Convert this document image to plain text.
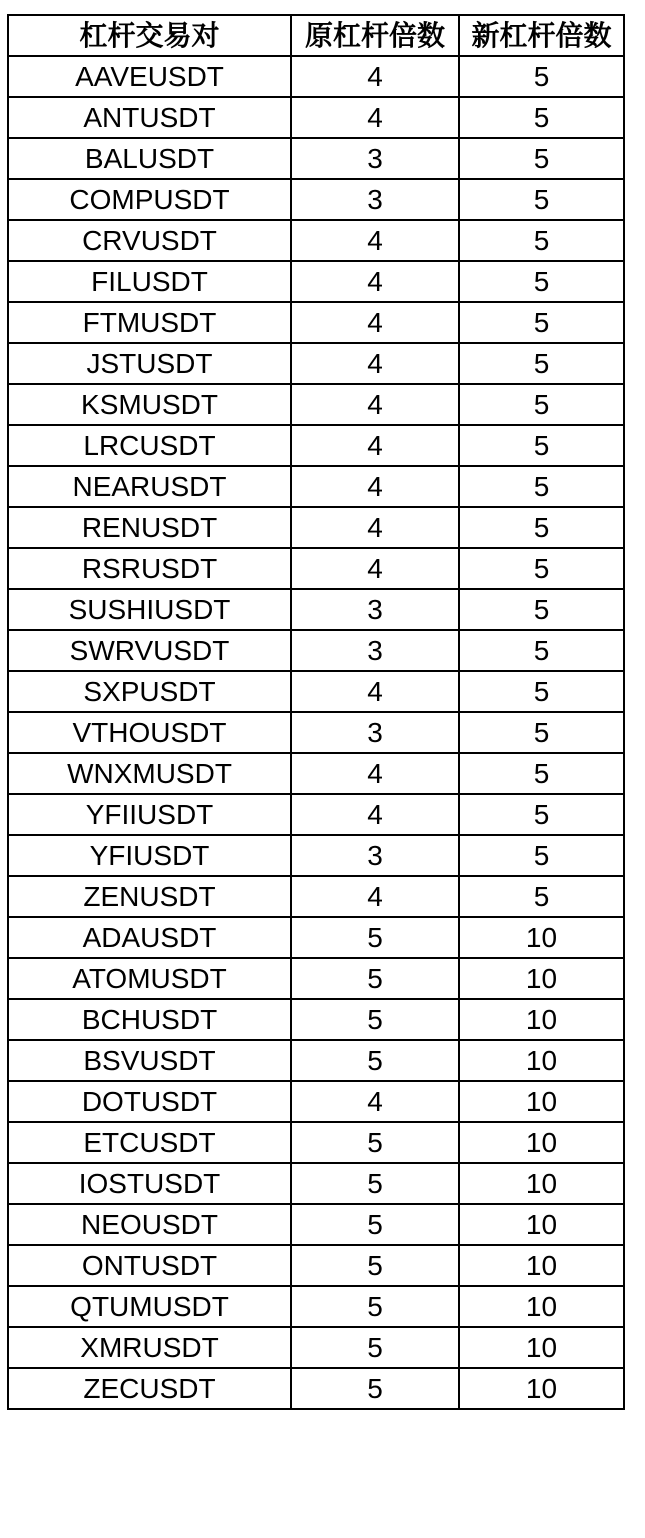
杠杆交易对	原杠杆倍数	新杠杆倍数
AAVEUSDT	4	5
ANTUSDT	4	5
BALUSDT	3	5
COMPUSDT	3	5
CRVUSDT	4	5
FILUSDT	4	5
FTMUSDT	4	5
JSTUSDT	4	5
KSMUSDT	4	5
LRCUSDT	4	5
NEARUSDT	4	5
RENUSDT	4	5
RSRUSDT	4	5
SUSHIUSDT	3	5
SWRVUSDT	3	5
SXPUSDT	4	5
VTHOUSDT	3	5
WNXMUSDT	4	5
YFIIUSDT	4	5
YFIUSDT	3	5
ZENUSDT	4	5
ADAUSDT	5	10
ATOMUSDT	5	10
BCHUSDT	5	10
BSVUSDT	5	10
DOTUSDT	4	10
ETCUSDT	5	10
IOSTUSDT	5	10
NEOUSDT	5	10
ONTUSDT	5	10
QTUMUSDT	5	10
XMRUSDT	5	10
ZECUSDT	5	10
